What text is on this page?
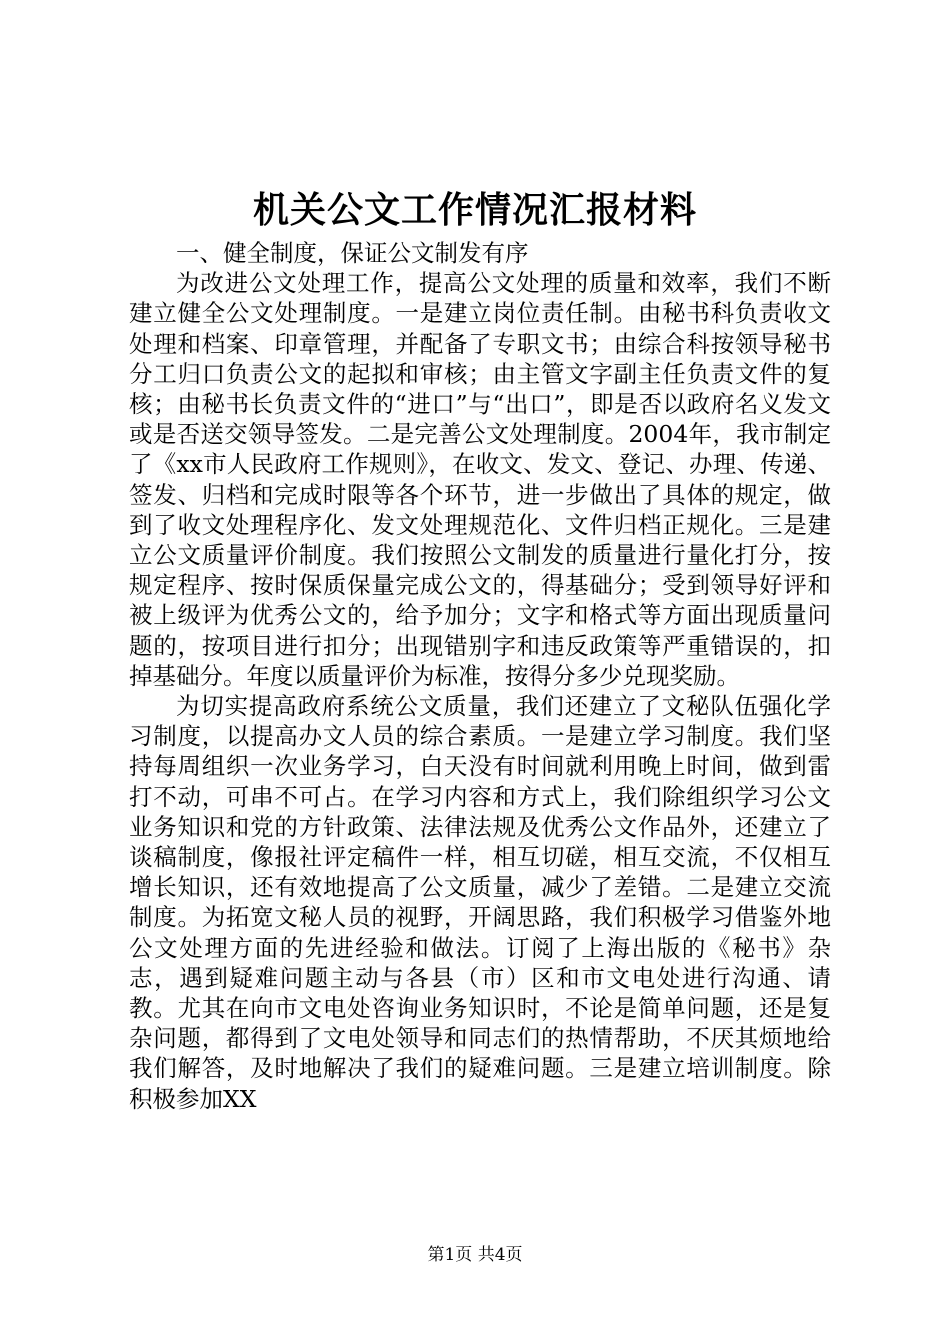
机关公文工作情况汇报材料

一、健全制度，保证公文制发有序

为改进公文处理工作，提高公文处理的质量和效率，我们不断建立健全公文处理制度。一是建立岗位责任制。由秘书科负责收文处理和档案、印章管理，并配备了专职文书；由综合科按领导秘书分工归口负责公文的起拟和审核；由主管文字副主任负责文件的复核；由秘书长负责文件的“进口”与“出口”，即是否以政府名义发文或是否送交领导签发。二是完善公文处理制度。2004年，我市制定了《xx市人民政府工作规则》，在收文、发文、登记、办理、传递、签发、归档和完成时限等各个环节，进一步做出了具体的规定，做到了收文处理程序化、发文处理规范化、文件归档正规化。三是建立公文质量评价制度。我们按照公文制发的质量进行量化打分，按规定程序、按时保质保量完成公文的，得基础分；受到领导好评和被上级评为优秀公文的，给予加分；文字和格式等方面出现质量问题的，按项目进行扣分；出现错别字和违反政策等严重错误的，扣掉基础分。年度以质量评价为标准，按得分多少兑现奖励。

为切实提高政府系统公文质量，我们还建立了文秘队伍强化学习制度，以提高办文人员的综合素质。一是建立学习制度。我们坚持每周组织一次业务学习，白天没有时间就利用晚上时间，做到雷打不动，可串不可占。在学习内容和方式上，我们除组织学习公文业务知识和党的方针政策、法律法规及优秀公文作品外，还建立了谈稿制度，像报社评定稿件一样，相互切磋，相互交流，不仅相互增长知识，还有效地提高了公文质量，减少了差错。二是建立交流制度。为拓宽文秘人员的视野，开阔思路，我们积极学习借鉴外地公文处理方面的先进经验和做法。订阅了上海出版的《秘书》杂志，遇到疑难问题主动与各县（市）区和市文电处进行沟通、请教。尤其在向市文电处咨询业务知识时，不论是简单问题，还是复杂问题，都得到了文电处领导和同志们的热情帮助，不厌其烦地给我们解答，及时地解决了我们的疑难问题。三是建立培训制度。除积极参加XX

第1页 共4页
